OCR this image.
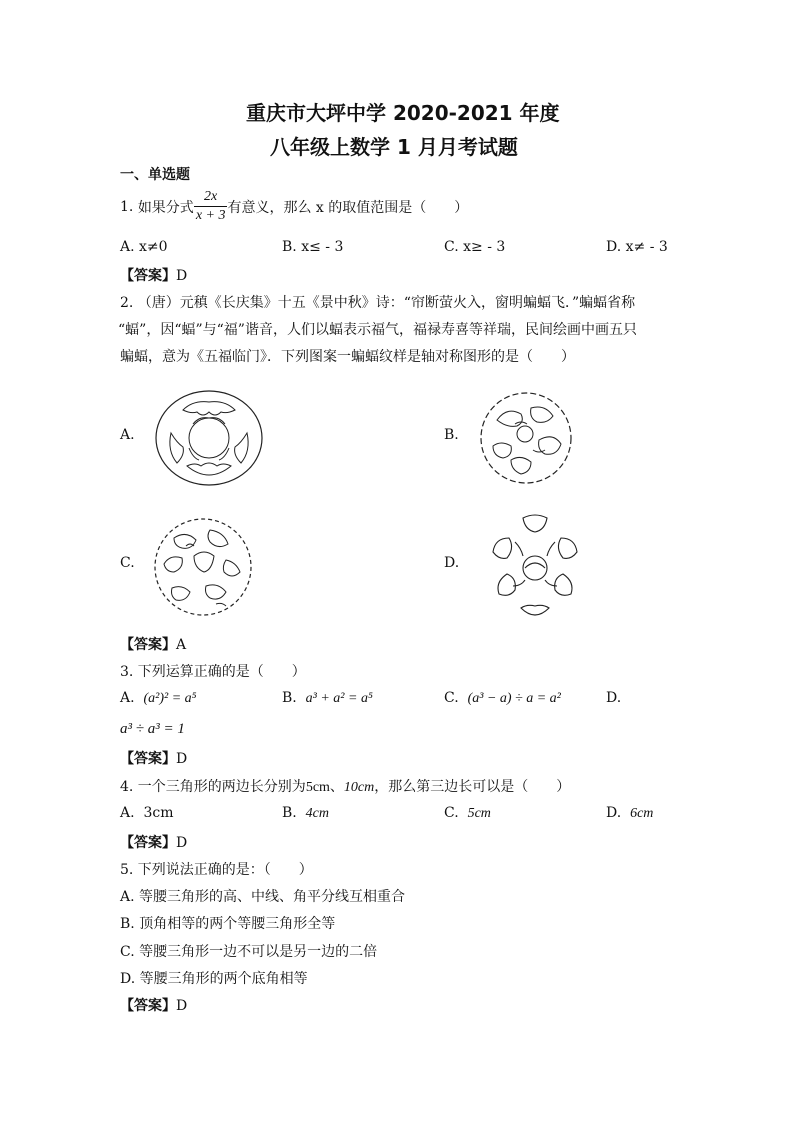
重庆市大坪中学 2020-2021 年度
八年级上数学 1 月月考试题
一、单选题
1.
如果分式 $\frac{2x}{x + 3}$ 有意义，那么 x 的取值范围是（　　）
A. x≠0	B. x≤ - 3	C. x≥ - 3	D. x≠ - 3
【答案】D
2. （唐）元稹《长庆集》十五《景中秋》诗：“帘断萤火入，窗明蝙蝠飞．”蝙蝠省称
“蝠”，因“蝠”与“福”谐音，人们以蝠表示福气，福禄寿喜等祥瑞，民间绘画中画五只
蝙蝠，意为《五福临门》．下列图案一蝙蝠纹样是轴对称图形的是（　　）
A.	B.
C.	D.
【答案】A
3. 下列运算正确的是（　　）
A. (a²)² = a⁵	B. a³ + a² = a⁵	C. (a³ − a) ÷ a = a²	D.
a³ ÷ a³ = 1
【答案】D
4. 一个三角形的两边长分别为5cm、10cm，那么第三边长可以是（　　）
A. 3cm	B. 4cm	C. 5cm	D. 6cm
【答案】D
5. 下列说法正确的是：（　　）
A. 等腰三角形的高、中线、角平分线互相重合
B. 顶角相等的两个等腰三角形全等
C. 等腰三角形一边不可以是另一边的二倍
D. 等腰三角形的两个底角相等
【答案】D
